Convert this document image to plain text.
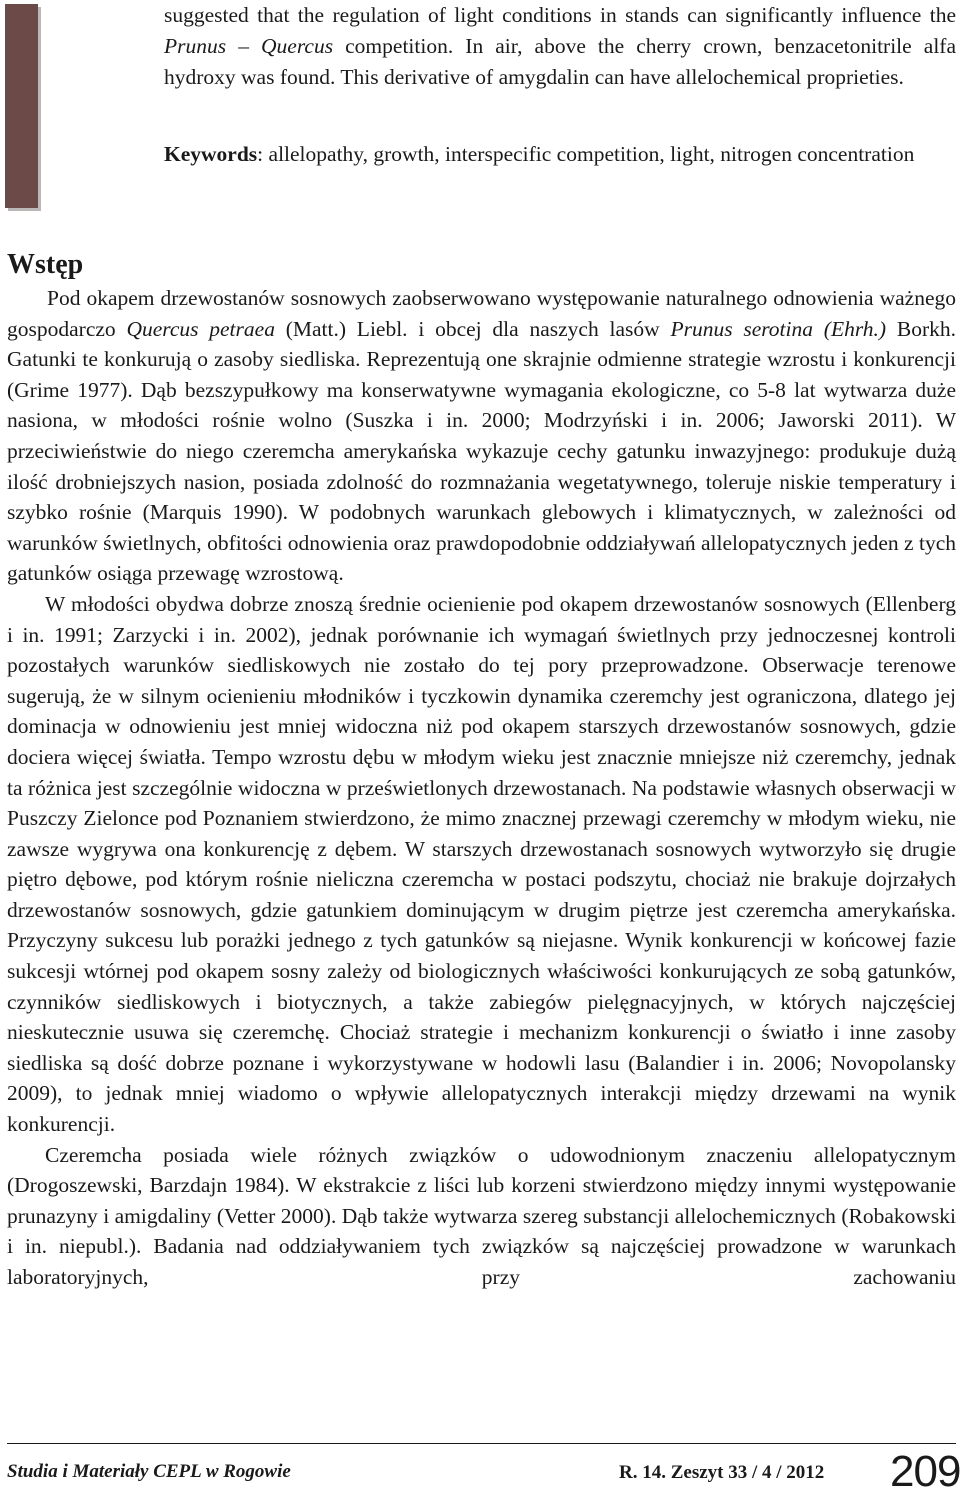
suggested that the regulation of light conditions in stands can significantly influence the Prunus – Quercus competition. In air, above the cherry crown, benzacetonitrile alfa hydroxy was found. This derivative of amygdalin can have allelochemical proprieties.

Keywords: allelopathy, growth, interspecific competition, light, nitrogen concentration

Wstęp

Pod okapem drzewostanów sosnowych zaobserwowano występowanie naturalnego odnowienia ważnego gospodarczo Quercus petraea (Matt.) Liebl. i obcej dla naszych lasów Prunus serotina (Ehrh.) Borkh. Gatunki te konkurują o zasoby siedliska. Reprezentują one skrajnie odmienne strategie wzrostu i konkurencji (Grime 1977). Dąb bezszypułkowy ma konserwatywne wymagania ekologiczne, co 5-8 lat wytwarza duże nasiona, w młodości rośnie wolno (Suszka i in. 2000; Modrzyński i in. 2006; Jaworski 2011). W przeciwieństwie do niego czeremcha amerykańska wykazuje cechy gatunku inwazyjnego: produkuje dużą ilość drobniejszych nasion, posiada zdolność do rozmnażania wegetatywnego, toleruje niskie temperatury i szybko rośnie (Marquis 1990). W podobnych warunkach glebowych i klimatycznych, w zależności od warunków świetlnych, obfitości odnowienia oraz prawdopodobnie oddziaływań allelopatycznych jeden z tych gatunków osiąga przewagę wzrostową.

W młodości obydwa dobrze znoszą średnie ocienienie pod okapem drzewostanów sosnowych (Ellenberg i in. 1991; Zarzycki i in. 2002), jednak porównanie ich wymagań świetlnych przy jednoczesnej kontroli pozostałych warunków siedliskowych nie zostało do tej pory przeprowadzone. Obserwacje terenowe sugerują, że w silnym ocienieniu młodników i tyczkowin dynamika czeremchy jest ograniczona, dlatego jej dominacja w odnowieniu jest mniej widoczna niż pod okapem starszych drzewostanów sosnowych, gdzie dociera więcej światła. Tempo wzrostu dębu w młodym wieku jest znacznie mniejsze niż czeremchy, jednak ta różnica jest szczególnie widoczna w prześwietlonych drzewostanach. Na podstawie własnych obserwacji w Puszczy Zielonce pod Poznaniem stwierdzono, że mimo znacznej przewagi czeremchy w młodym wieku, nie zawsze wygrywa ona konkurencję z dębem. W starszych drzewostanach sosnowych wytworzyło się drugie piętro dębowe, pod którym rośnie nieliczna czeremcha w postaci podszytu, chociaż nie brakuje dojrzałych drzewostanów sosnowych, gdzie gatunkiem dominującym w drugim piętrze jest czeremcha amerykańska. Przyczyny sukcesu lub porażki jednego z tych gatunków są niejasne. Wynik konkurencji w końcowej fazie sukcesji wtórnej pod okapem sosny zależy od biologicznych właściwości konkurujących ze sobą gatunków, czynników siedliskowych i biotycznych, a także zabiegów pielęgnacyjnych, w których najczęściej nieskutecznie usuwa się czeremchę. Chociaż strategie i mechanizm konkurencji o światło i inne zasoby siedliska są dość dobrze poznane i wykorzystywane w hodowli lasu (Balandier i in. 2006; Novopolansky 2009), to jednak mniej wiadomo o wpływie allelopatycznych interakcji między drzewami na wynik konkurencji.

Czeremcha posiada wiele różnych związków o udowodnionym znaczeniu allelopatycznym (Drogoszewski, Barzdajn 1984). W ekstrakcie z liści lub korzeni stwierdzono między innymi występowanie prunazyny i amigdaliny (Vetter 2000). Dąb także wytwarza szereg substancji allelochemicznych (Robakowski i in. niepubl.). Badania nad oddziaływaniem tych związków są najczęściej prowadzone w warunkach laboratoryjnych, przy zachowaniu

Studia i Materiały CEPL w Rogowie	R. 14. Zeszyt 33 / 4 / 2012 209
